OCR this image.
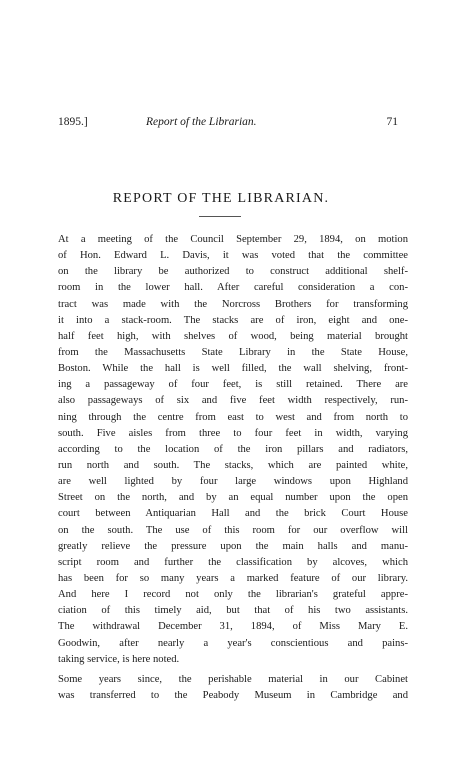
1895.]	Report of the Librarian.	71
REPORT OF THE LIBRARIAN.
At a meeting of the Council September 29, 1894, on motion
of Hon. Edward L. Davis, it was voted that the committee
on the library be authorized to construct additional shelf-
room in the lower hall. After careful consideration a con-
tract was made with the Norcross Brothers for transforming
it into a stack-room. The stacks are of iron, eight and one-
half feet high, with shelves of wood, being material brought
from the Massachusetts State Library in the State House,
Boston. While the hall is well filled, the wall shelving, front-
ing a passageway of four feet, is still retained. There are
also passageways of six and five feet width respectively, run-
ning through the centre from east to west and from north to
south. Five aisles from three to four feet in width, varying
according to the location of the iron pillars and radiators,
run north and south. The stacks, which are painted white,
are well lighted by four large windows upon Highland
Street on the north, and by an equal number upon the open
court between Antiquarian Hall and the brick Court House
on the south. The use of this room for our overflow will
greatly relieve the pressure upon the main halls and manu-
script room and further the classification by alcoves, which
has been for so many years a marked feature of our library.
And here I record not only the librarian's grateful appre-
ciation of this timely aid, but that of his two assistants.
The withdrawal December 31, 1894, of Miss Mary E.
Goodwin, after nearly a year's conscientious and pains-
taking service, is here noted.
Some years since, the perishable material in our Cabinet
was transferred to the Peabody Museum in Cambridge and
